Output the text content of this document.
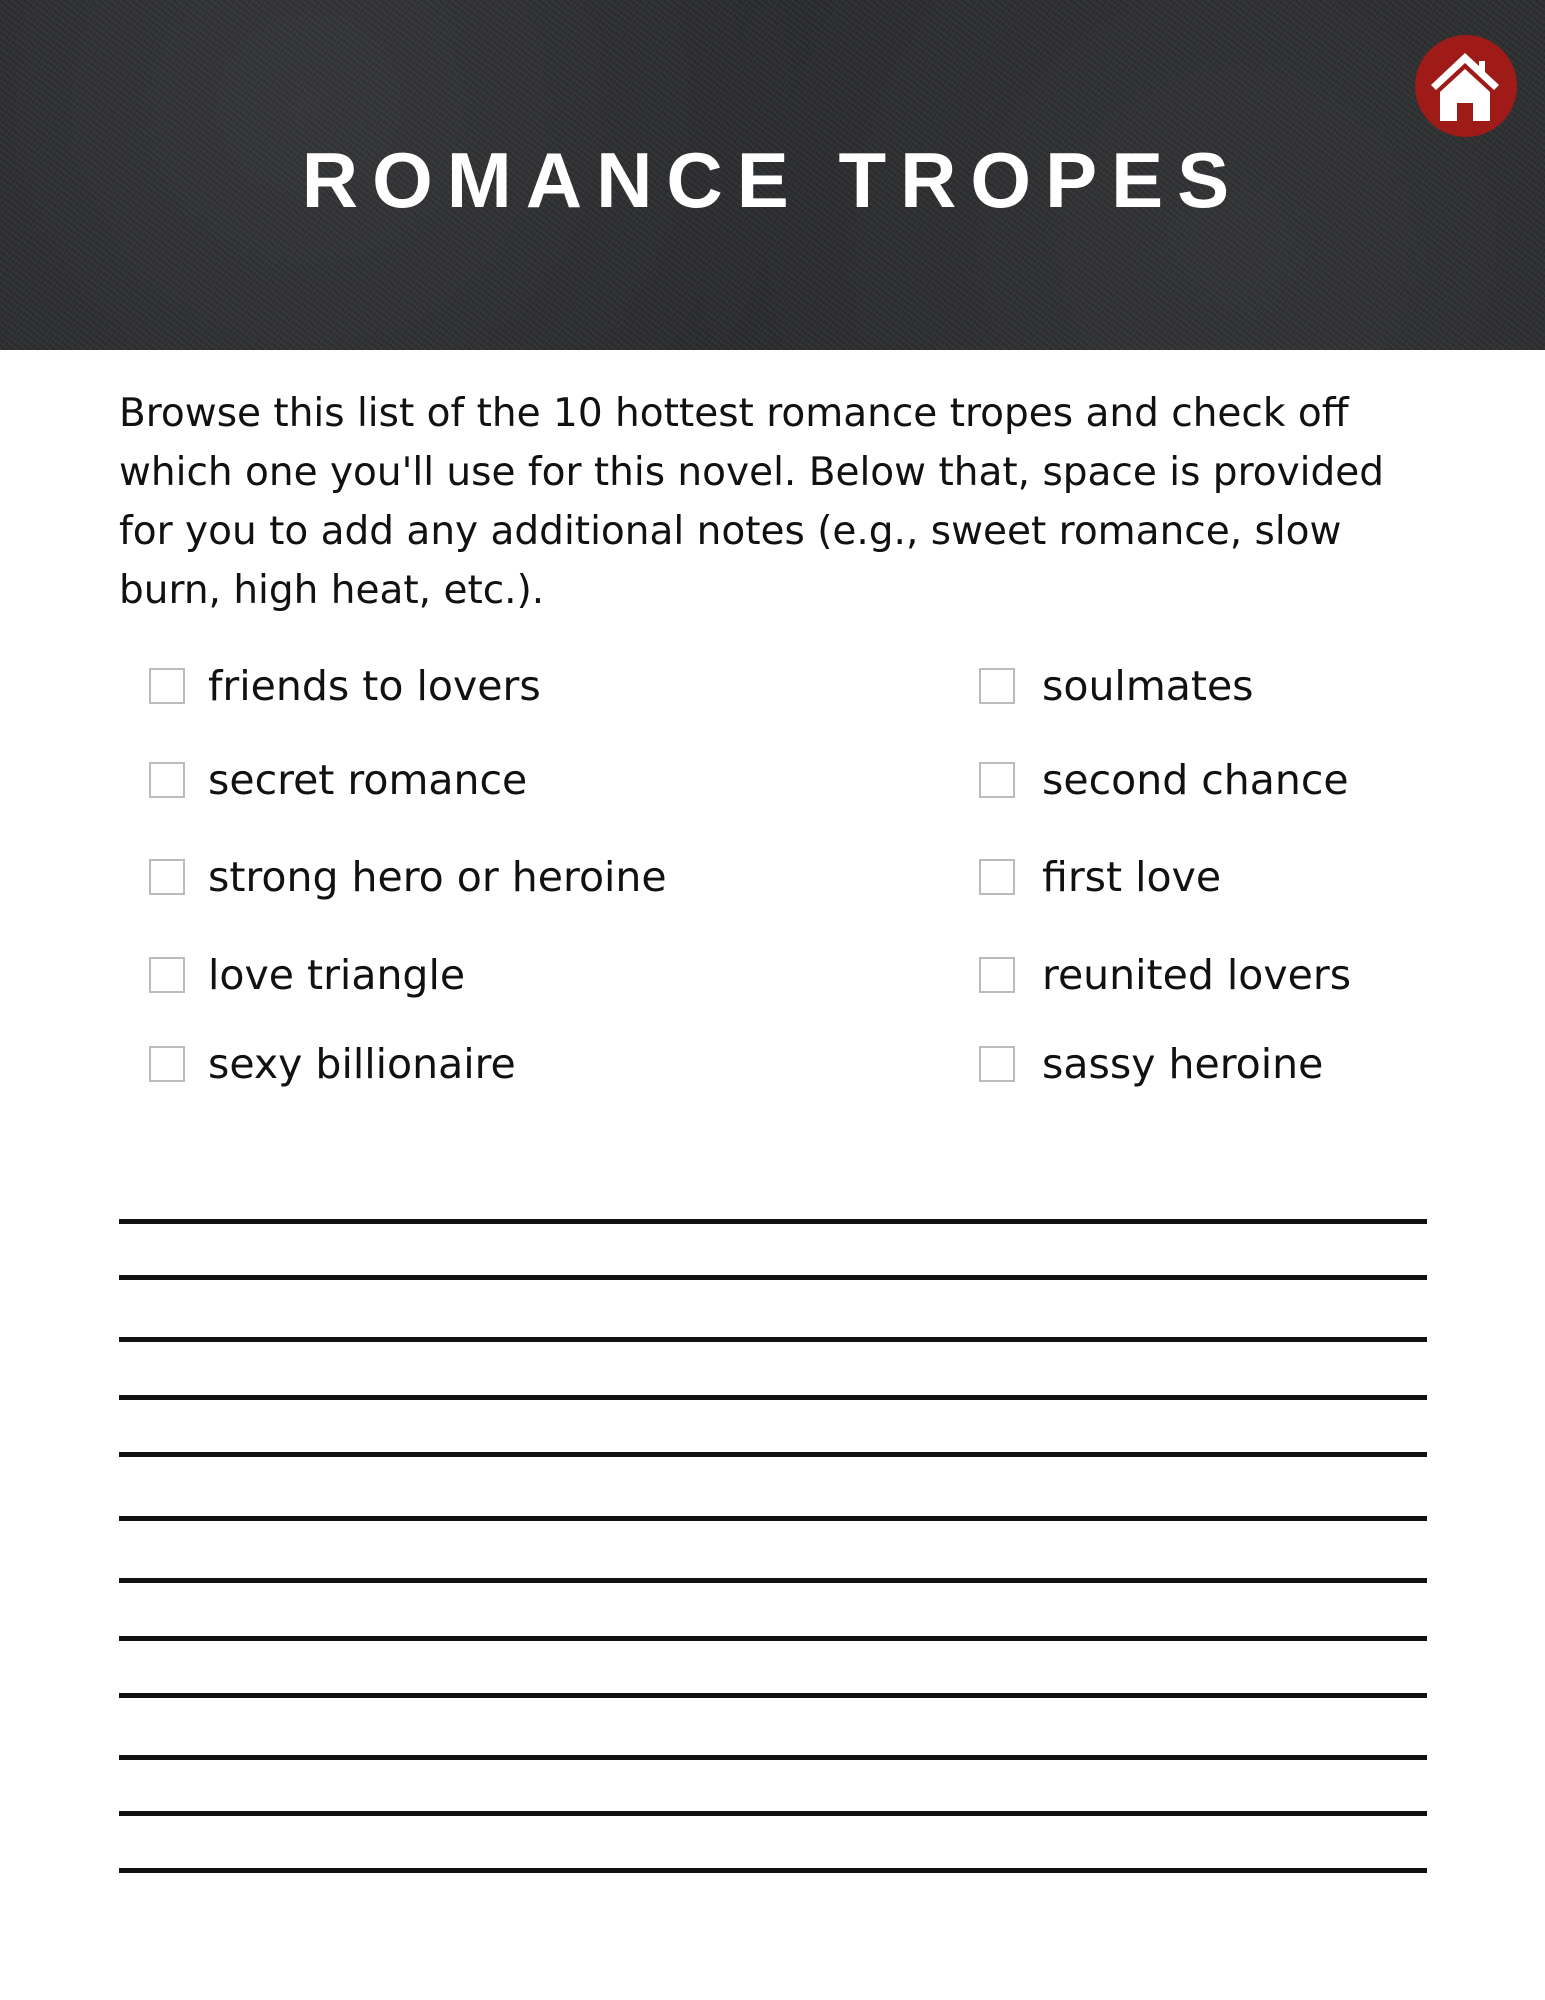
ROMANCE TROPES
Browse this list of the 10 hottest romance tropes and check off which one you'll use for this novel. Below that, space is provided for you to add any additional notes (e.g., sweet romance, slow burn, high heat, etc.).
friends to lovers
secret romance
strong hero or heroine
love triangle
sexy billionaire
soulmates
second chance
first love
reunited lovers
sassy heroine
